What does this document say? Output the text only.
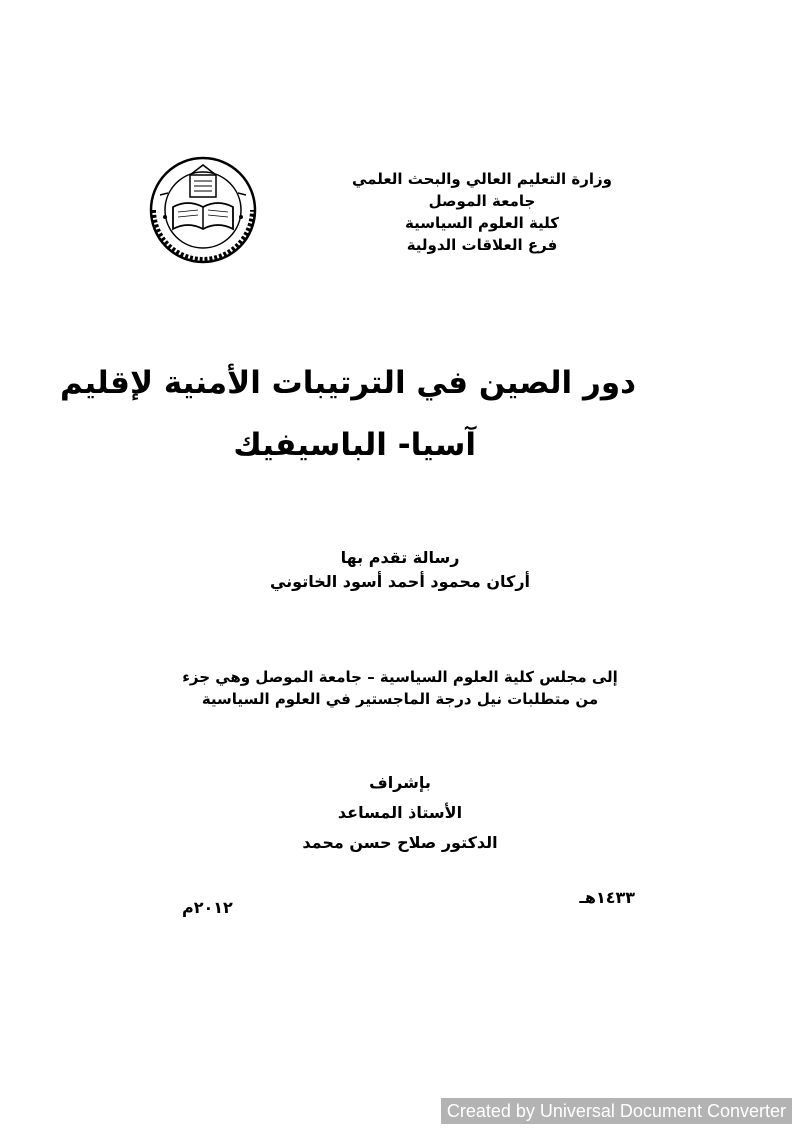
وزارة التعليم العالي والبحث العلمي
جامعة الموصل
كلية العلوم السياسية
فرع العلاقات الدولية
دور الصين في الترتيبات الأمنية لإقليم
آسيا- الباسيفيك
رسالة تقدم بها
أركان محمود أحمد أسود الخاتوني
إلى مجلس كلية العلوم السياسية – جامعة الموصل وهي جزء
من متطلبات نيل درجة الماجستير في العلوم السياسية
بإشراف
الأستاذ المساعد
الدكتور صلاح حسن محمد
١٤٣٣هـ
٢٠١٢م
Created by Universal Document Converter
